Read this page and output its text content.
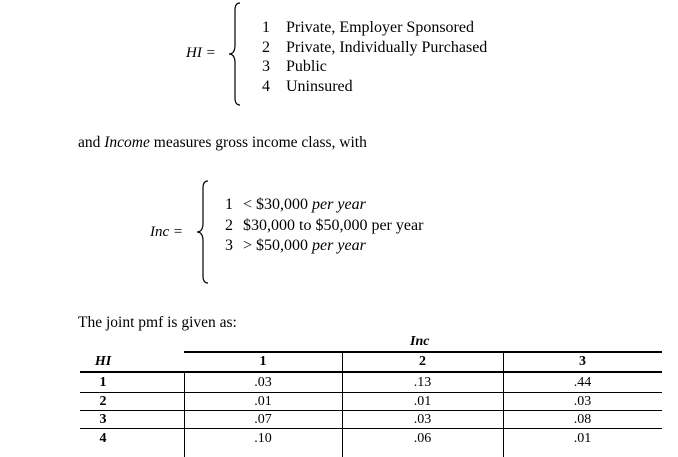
HI =
1 Private, Employer Sponsored
2 Private, Individually Purchased
3 Public
4 Uninsured
and Income measures gross income class, with
Inc =
1 < $30,000 per year
2 $30,000 to $50,000 per year
3 > $50,000 per year
The joint pmf is given as:
Inc
HI	1	2	3
1	.03	.13	.44
2	.01	.01	.03
3	.07	.03	.08
4	.10	.06	.01
